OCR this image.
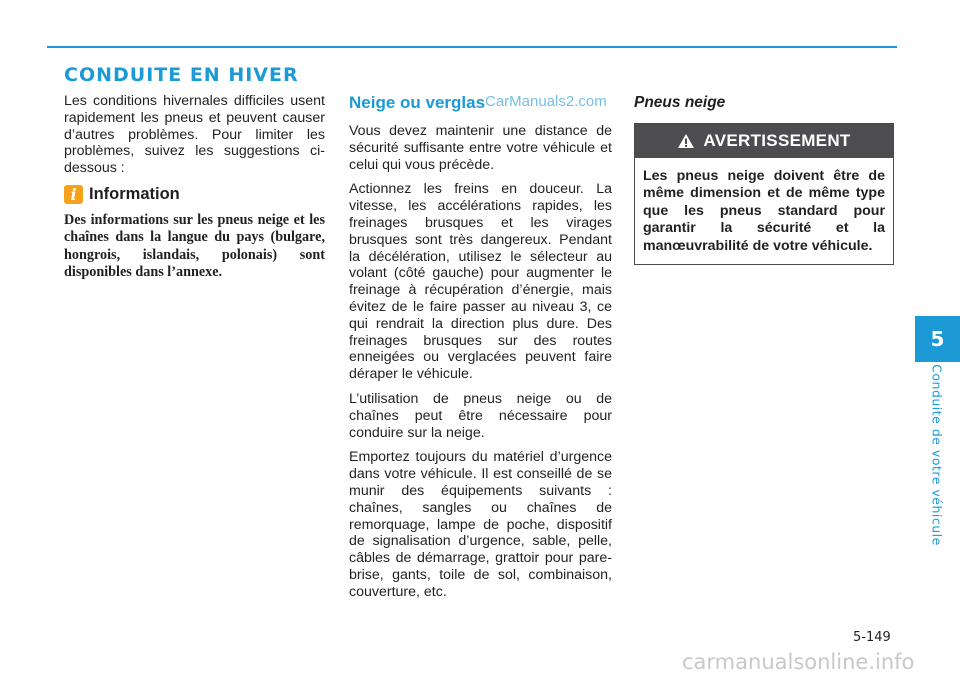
CONDUITE EN HIVER

Les conditions hivernales difficiles usent rapidement les pneus et peuvent causer d’autres problèmes. Pour limiter les problèmes, suivez les suggestions ci-dessous :

i Information

Des informations sur les pneus neige et les chaînes dans la langue du pays (bulgare, hongrois, islandais, polonais) sont disponibles dans l’annexe.

Neige ou verglas CarManuals2.com

Vous devez maintenir une distance de sécurité suffisante entre votre véhicule et celui qui vous précède.

Actionnez les freins en douceur. La vitesse, les accélérations rapides, les freinages brusques et les virages brusques sont très dangereux. Pendant la décélération, utilisez le sélecteur au volant (côté gauche) pour augmenter le freinage à récupération d’énergie, mais évitez de le faire passer au niveau 3, ce qui rendrait la direction plus dure. Des freinages brusques sur des routes enneigées ou verglacées peuvent faire déraper le véhicule.

L’utilisation de pneus neige ou de chaînes peut être nécessaire pour conduire sur la neige.

Emportez toujours du matériel d’urgence dans votre véhicule. Il est conseillé de se munir des équipements suivants : chaînes, sangles ou chaînes de remorquage, lampe de poche, dispositif de signalisation d’urgence, sable, pelle, câbles de démarrage, grattoir pour pare-brise, gants, toile de sol, combinaison, couverture, etc.

Pneus neige
AVERTISSEMENT
Les pneus neige doivent être de même dimension et de même type que les pneus standard pour garantir la sécurité et la manœuvrabilité de votre véhicule.
5
Conduite de votre véhicule
5-149
carmanualsonline.info
